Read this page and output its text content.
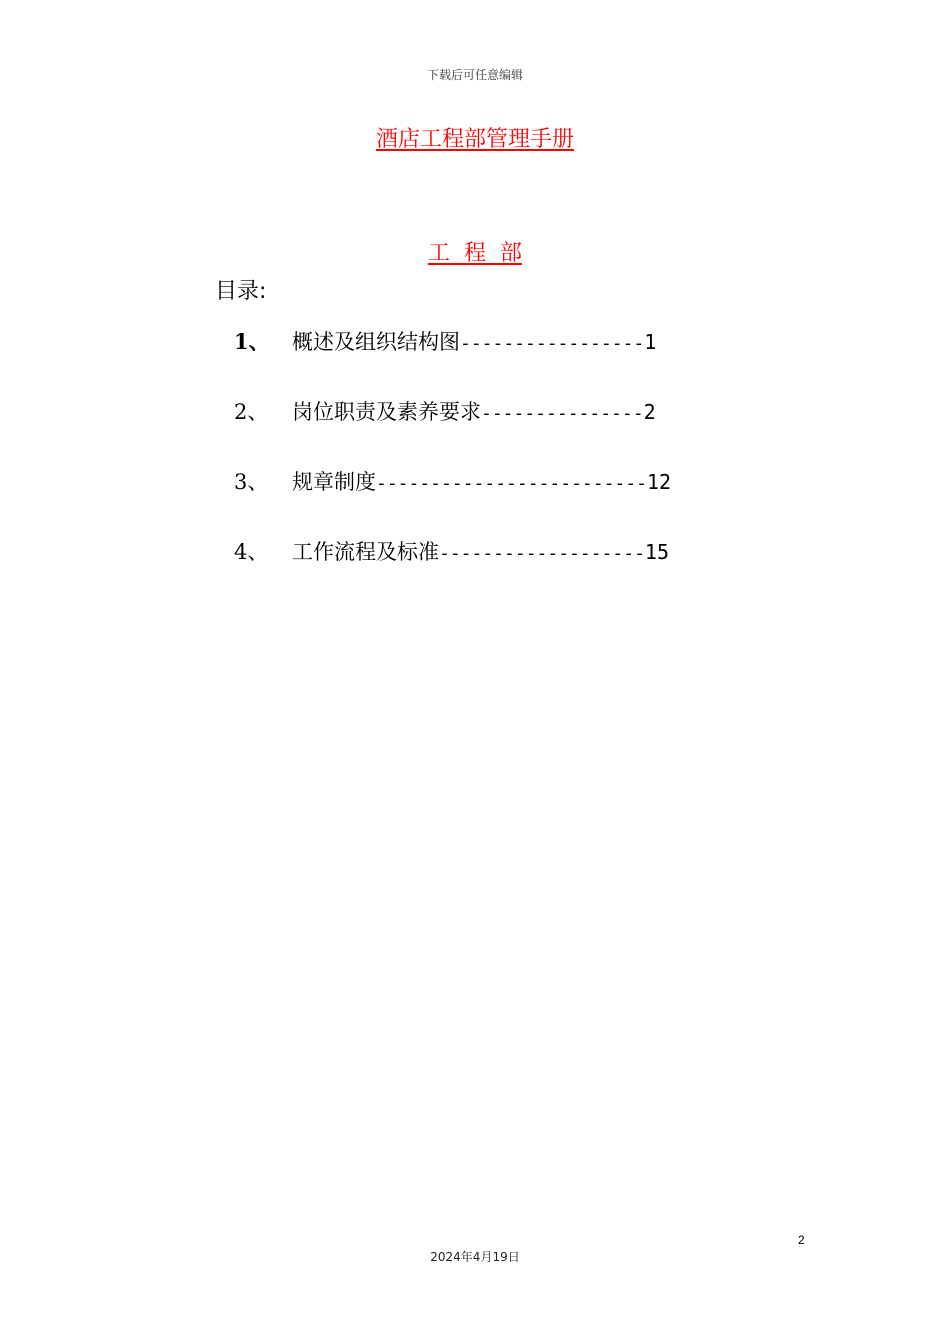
下载后可任意编辑
酒店工程部管理手册
工  程  部
目录:
1、	概述及组织结构图 ----------------- 1
2、	岗位职责及素养要求 --------------- 2
3、	规章制度 ------------------------- 12
4、	工作流程及标准 ------------------- 15
2
2024年4月19日
